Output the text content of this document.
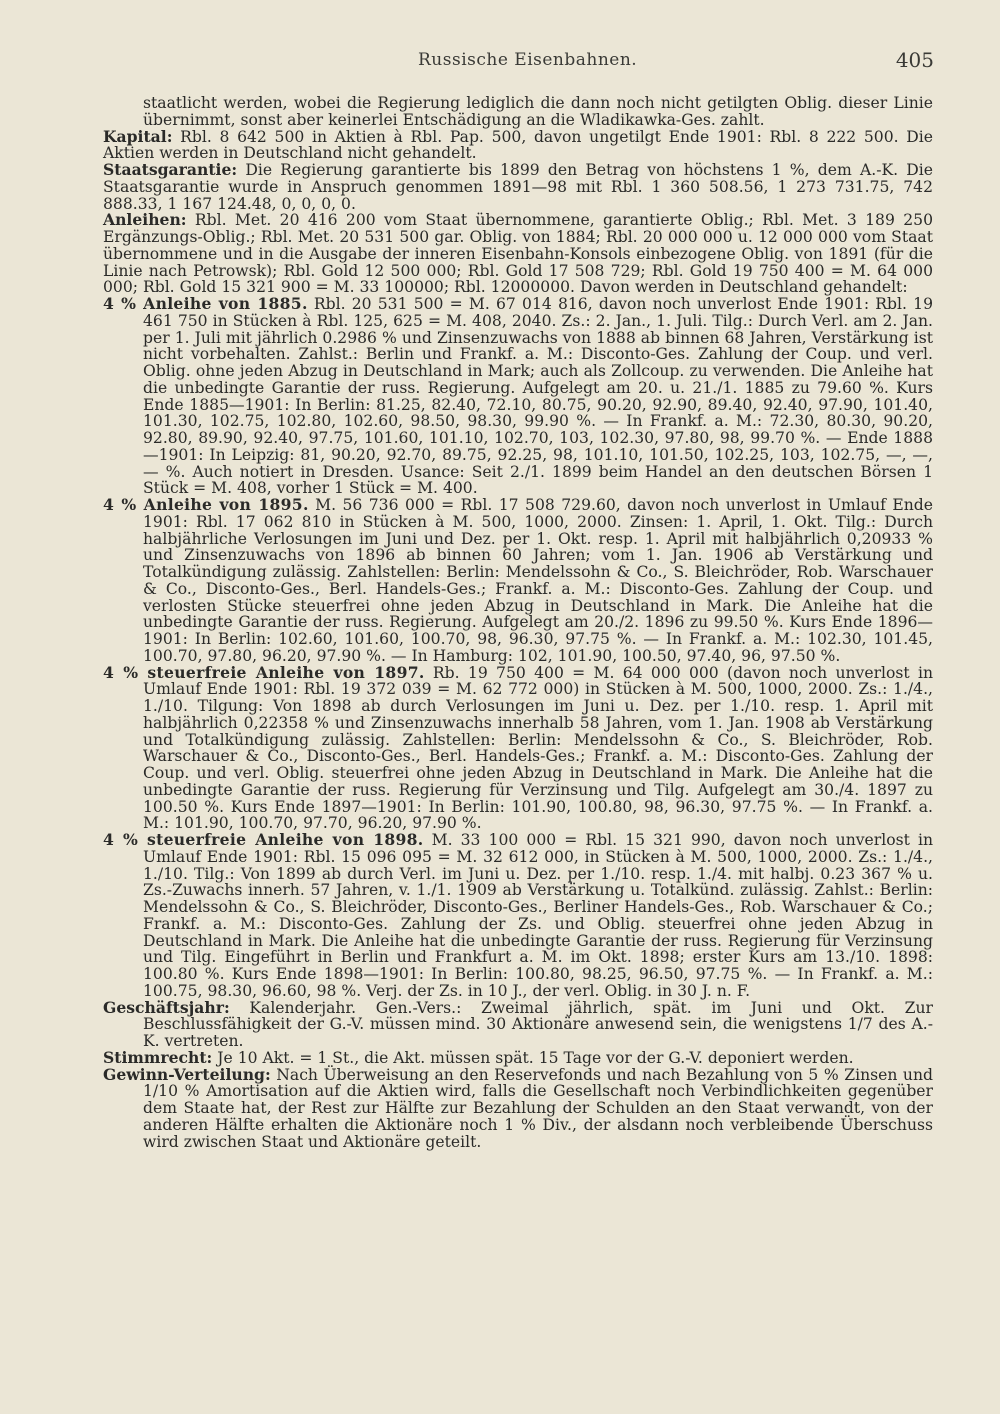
Russische Eisenbahnen.	405

staatlicht werden, wobei die Regierung lediglich die dann noch nicht getilgten Oblig. dieser Linie übernimmt, sonst aber keinerlei Entschädigung an die Wladikawka-Ges. zahlt.

Kapital: Rbl. 8 642 500 in Aktien à Rbl. Pap. 500, davon ungetilgt Ende 1901: Rbl. 8 222 500. Die Aktien werden in Deutschland nicht gehandelt.

Staatsgarantie: Die Regierung garantierte bis 1899 den Betrag von höchstens 1 %, dem A.-K. Die Staatsgarantie wurde in Anspruch genommen 1891—98 mit Rbl. 1 360 508.56, 1 273 731.75, 742 888.33, 1 167 124.48, 0, 0, 0, 0.

Anleihen: Rbl. Met. 20 416 200 vom Staat übernommene, garantierte Oblig.; Rbl. Met. 3 189 250 Ergänzungs-Oblig.; Rbl. Met. 20 531 500 gar. Oblig. von 1884; Rbl. 20 000 000 u. 12 000 000 vom Staat übernommene und in die Ausgabe der inneren Eisenbahn-Konsols einbezogene Oblig. von 1891 (für die Linie nach Petrowsk); Rbl. Gold 12 500 000; Rbl. Gold 17 508 729; Rbl. Gold 19 750 400 = M. 64 000 000; Rbl. Gold 15 321 900 = M. 33 100000; Rbl. 12000000. Davon werden in Deutschland gehandelt:

4 % Anleihe von 1885. Rbl. 20 531 500 = M. 67 014 816, davon noch unverlost Ende 1901: Rbl. 19 461 750 in Stücken à Rbl. 125, 625 = M. 408, 2040. Zs.: 2. Jan., 1. Juli. Tilg.: Durch Verl. am 2. Jan. per 1. Juli mit jährlich 0.2986 % und Zinsenzuwachs von 1888 ab binnen 68 Jahren, Verstärkung ist nicht vorbehalten. Zahlst.: Berlin und Frankf. a. M.: Disconto-Ges. Zahlung der Coup. und verl. Oblig. ohne jeden Abzug in Deutschland in Mark; auch als Zollcoup. zu verwenden. Die Anleihe hat die unbedingte Garantie der russ. Regierung. Aufgelegt am 20. u. 21./1. 1885 zu 79.60 %. Kurs Ende 1885—1901: In Berlin: 81.25, 82.40, 72.10, 80.75, 90.20, 92.90, 89.40, 92.40, 97.90, 101.40, 101.30, 102.75, 102.80, 102.60, 98.50, 98.30, 99.90 %. — In Frankf. a. M.: 72.30, 80.30, 90.20, 92.80, 89.90, 92.40, 97.75, 101.60, 101.10, 102.70, 103, 102.30, 97.80, 98, 99.70 %. — Ende 1888—1901: In Leipzig: 81, 90.20, 92.70, 89.75, 92.25, 98, 101.10, 101.50, 102.25, 103, 102.75, —, —, — %. Auch notiert in Dresden. Usance: Seit 2./1. 1899 beim Handel an den deutschen Börsen 1 Stück = M. 408, vorher 1 Stück = M. 400.

4 % Anleihe von 1895. M. 56 736 000 = Rbl. 17 508 729.60, davon noch unverlost in Umlauf Ende 1901: Rbl. 17 062 810 in Stücken à M. 500, 1000, 2000. Zinsen: 1. April, 1. Okt. Tilg.: Durch halbjährliche Verlosungen im Juni und Dez. per 1. Okt. resp. 1. April mit halbjährlich 0,20933 % und Zinsenzuwachs von 1896 ab binnen 60 Jahren; vom 1. Jan. 1906 ab Verstärkung und Totalkündigung zulässig. Zahlstellen: Berlin: Mendelssohn & Co., S. Bleichröder, Rob. Warschauer & Co., Disconto-Ges., Berl. Handels-Ges.; Frankf. a. M.: Disconto-Ges. Zahlung der Coup. und verlosten Stücke steuerfrei ohne jeden Abzug in Deutschland in Mark. Die Anleihe hat die unbedingte Garantie der russ. Regierung. Aufgelegt am 20./2. 1896 zu 99.50 %. Kurs Ende 1896—1901: In Berlin: 102.60, 101.60, 100.70, 98, 96.30, 97.75 %. — In Frankf. a. M.: 102.30, 101.45, 100.70, 97.80, 96.20, 97.90 %. — In Hamburg: 102, 101.90, 100.50, 97.40, 96, 97.50 %.

4 % steuerfreie Anleihe von 1897. Rb. 19 750 400 = M. 64 000 000 (davon noch unverlost in Umlauf Ende 1901: Rbl. 19 372 039 = M. 62 772 000) in Stücken à M. 500, 1000, 2000. Zs.: 1./4., 1./10. Tilgung: Von 1898 ab durch Verlosungen im Juni u. Dez. per 1./10. resp. 1. April mit halbjährlich 0,22358 % und Zinsenzuwachs innerhalb 58 Jahren, vom 1. Jan. 1908 ab Verstärkung und Totalkündigung zulässig. Zahlstellen: Berlin: Mendelssohn & Co., S. Bleichröder, Rob. Warschauer & Co., Disconto-Ges., Berl. Handels-Ges.; Frankf. a. M.: Disconto-Ges. Zahlung der Coup. und verl. Oblig. steuerfrei ohne jeden Abzug in Deutschland in Mark. Die Anleihe hat die unbedingte Garantie der russ. Regierung für Verzinsung und Tilg. Aufgelegt am 30./4. 1897 zu 100.50 %. Kurs Ende 1897—1901: In Berlin: 101.90, 100.80, 98, 96.30, 97.75 %. — In Frankf. a. M.: 101.90, 100.70, 97.70, 96.20, 97.90 %.

4 % steuerfreie Anleihe von 1898. M. 33 100 000 = Rbl. 15 321 990, davon noch unverlost in Umlauf Ende 1901: Rbl. 15 096 095 = M. 32 612 000, in Stücken à M. 500, 1000, 2000. Zs.: 1./4., 1./10. Tilg.: Von 1899 ab durch Verl. im Juni u. Dez. per 1./10. resp. 1./4. mit halbj. 0.23 367 % u. Zs.-Zuwachs innerh. 57 Jahren, v. 1./1. 1909 ab Verstärkung u. Totalkünd. zulässig. Zahlst.: Berlin: Mendelssohn & Co., S. Bleichröder, Disconto-Ges., Berliner Handels-Ges., Rob. Warschauer & Co.; Frankf. a. M.: Disconto-Ges. Zahlung der Zs. und Oblig. steuerfrei ohne jeden Abzug in Deutschland in Mark. Die Anleihe hat die unbedingte Garantie der russ. Regierung für Verzinsung und Tilg. Eingeführt in Berlin und Frankfurt a. M. im Okt. 1898; erster Kurs am 13./10. 1898: 100.80 %. Kurs Ende 1898—1901: In Berlin: 100.80, 98.25, 96.50, 97.75 %. — In Frankf. a. M.: 100.75, 98.30, 96.60, 98 %. Verj. der Zs. in 10 J., der verl. Oblig. in 30 J. n. F.

Geschäftsjahr: Kalenderjahr. Gen.-Vers.: Zweimal jährlich, spät. im Juni und Okt. Zur Beschlussfähigkeit der G.-V. müssen mind. 30 Aktionäre anwesend sein, die wenigstens 1/7 des A.-K. vertreten.

Stimmrecht: Je 10 Akt. = 1 St., die Akt. müssen spät. 15 Tage vor der G.-V. deponiert werden.

Gewinn-Verteilung: Nach Überweisung an den Reservefonds und nach Bezahlung von 5 % Zinsen und 1/10 % Amortisation auf die Aktien wird, falls die Gesellschaft noch Verbindlichkeiten gegenüber dem Staate hat, der Rest zur Hälfte zur Bezahlung der Schulden an den Staat verwandt, von der anderen Hälfte erhalten die Aktionäre noch 1 % Div., der alsdann noch verbleibende Überschuss wird zwischen Staat und Aktionäre geteilt.
